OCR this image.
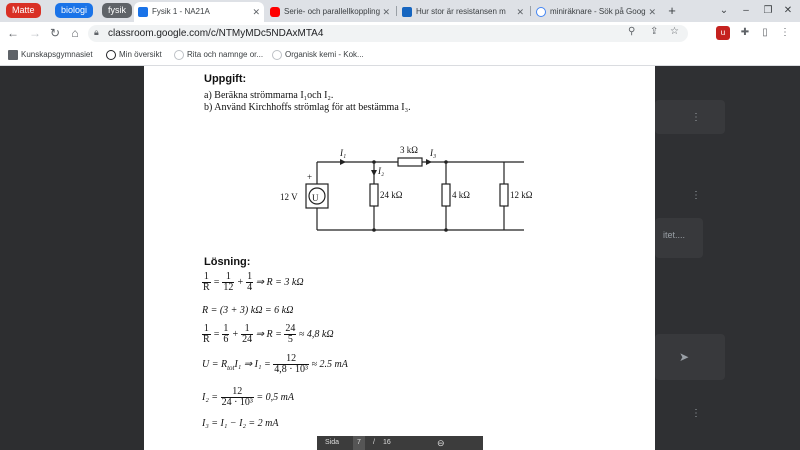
Matte	biologi	fysik	Fysik 1 - NA21A	✕	Serie- och parallellkoppling ✕	Hur stor är resistansen m ✕	miniräknare - Sök på Goog ✕ +	⌄	–	❐	✕
← → ↻ ⌂	🔒︎ classroom.google.com/c/NTMyMDc5NDAxMTA4	⚲ ⇪ ☆	u	✚	▯	⋮
Kunskapsgymnasiet	Min översikt	Rita och namnge or...	Organisk kemi - Kok...
⋮
itet....
⋮
➤
⋮
Uppgift:
a) Beräkna strömmarna I₁och I₂.
b) Använd Kirchhoffs strömlag för att bestämma I₃.
U
12 V
+
3 kΩ
24 kΩ	4 kΩ	12 kΩ
I₁
I₂
I₃
Lösning:
$\frac{1}{R} = \frac{1}{12} + \frac{1}{4}$ ⇒ R = 3 kΩ
R = (3 + 3) kΩ = 6 kΩ
$\frac{1}{R} = \frac{1}{6} + \frac{1}{24}$ ⇒ $R = \frac{24}{5} \approx 4,8$ kΩ
$U = R_{tot}I_1$ ⇒ $I_1 = \frac{12}{\text{4,8 · 10³}} \approx 2.5$ mA
$I_2 = \frac{12}{\text{24 · 10³}} = 0,5$ mA
I₃ = I₁ − I₂ = 2 mA
Sida	7	/ 16	⊖
